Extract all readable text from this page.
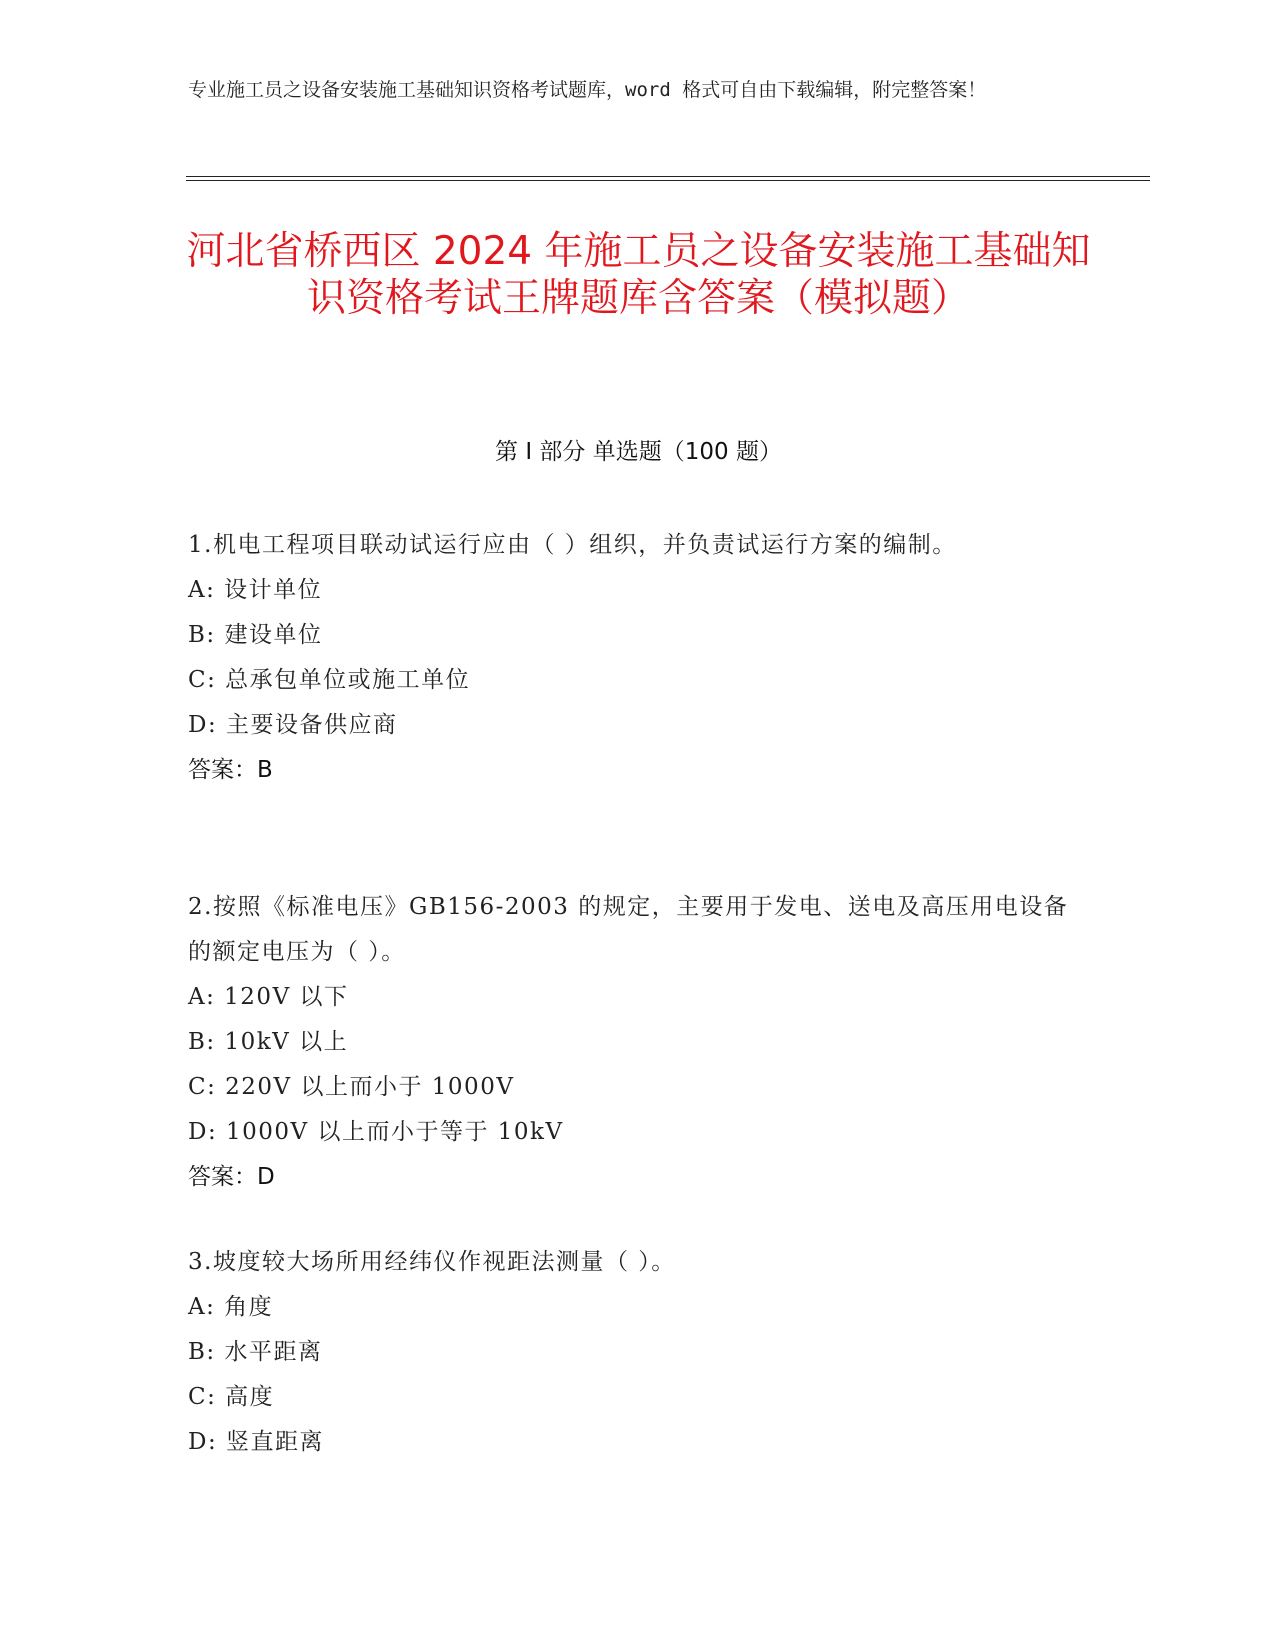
专业施工员之设备安装施工基础知识资格考试题库，word 格式可自由下载编辑，附完整答案！
河北省桥西区 2024 年施工员之设备安装施工基础知识资格考试王牌题库含答案（模拟题）
第 I 部分 单选题（100 题）
1.机电工程项目联动试运行应由（ ）组织，并负责试运行方案的编制。
A: 设计单位
B: 建设单位
C: 总承包单位或施工单位
D: 主要设备供应商
答案：B
2.按照《标准电压》GB156-2003 的规定，主要用于发电、送电及高压用电设备的额定电压为（ ）。
A: 120V 以下
B: 10kV 以上
C: 220V 以上而小于 1000V
D: 1000V 以上而小于等于 10kV
答案：D
3.坡度较大场所用经纬仪作视距法测量（ ）。
A: 角度
B: 水平距离
C: 高度
D: 竖直距离
